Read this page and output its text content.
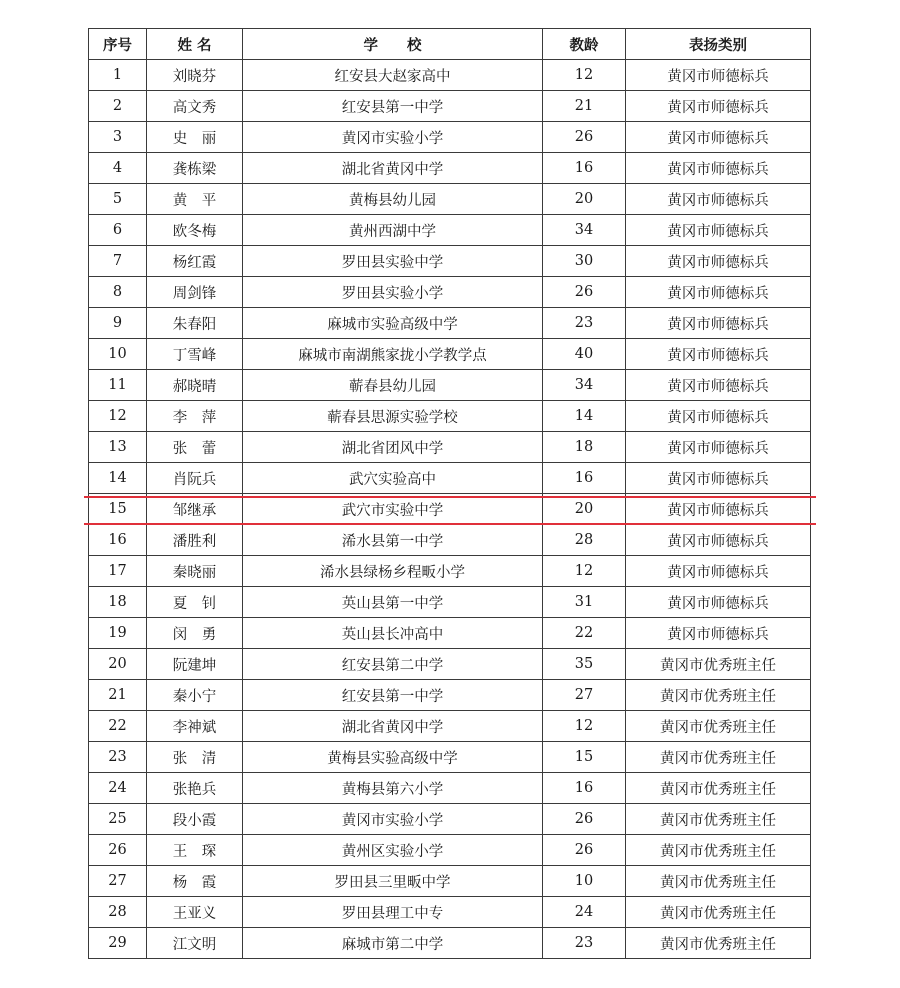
序号	姓 名	学　　校	教龄	表扬类别
1	刘晓芬	红安县大赵家高中	12	黄冈市师德标兵
2	高文秀	红安县第一中学	21	黄冈市师德标兵
3	史　丽	黄冈市实验小学	26	黄冈市师德标兵
4	龚栋梁	湖北省黄冈中学	16	黄冈市师德标兵
5	黄　平	黄梅县幼儿园	20	黄冈市师德标兵
6	欧冬梅	黄州西湖中学	34	黄冈市师德标兵
7	杨红霞	罗田县实验中学	30	黄冈市师德标兵
8	周剑锋	罗田县实验小学	26	黄冈市师德标兵
9	朱春阳	麻城市实验高级中学	23	黄冈市师德标兵
10	丁雪峰	麻城市南湖熊家拢小学教学点	40	黄冈市师德标兵
11	郝晓晴	蕲春县幼儿园	34	黄冈市师德标兵
12	李　萍	蕲春县思源实验学校	14	黄冈市师德标兵
13	张　蕾	湖北省团风中学	18	黄冈市师德标兵
14	肖阮兵	武穴实验高中	16	黄冈市师德标兵
15	邹继承	武穴市实验中学	20	黄冈市师德标兵
16	潘胜利	浠水县第一中学	28	黄冈市师德标兵
17	秦晓丽	浠水县绿杨乡程畈小学	12	黄冈市师德标兵
18	夏　钊	英山县第一中学	31	黄冈市师德标兵
19	闵　勇	英山县长冲高中	22	黄冈市师德标兵
20	阮建坤	红安县第二中学	35	黄冈市优秀班主任
21	秦小宁	红安县第一中学	27	黄冈市优秀班主任
22	李神斌	湖北省黄冈中学	12	黄冈市优秀班主任
23	张　清	黄梅县实验高级中学	15	黄冈市优秀班主任
24	张艳兵	黄梅县第六小学	16	黄冈市优秀班主任
25	段小霞	黄冈市实验小学	26	黄冈市优秀班主任
26	王　琛	黄州区实验小学	26	黄冈市优秀班主任
27	杨　霞	罗田县三里畈中学	10	黄冈市优秀班主任
28	王亚义	罗田县理工中专	24	黄冈市优秀班主任
29	江文明	麻城市第二中学	23	黄冈市优秀班主任
